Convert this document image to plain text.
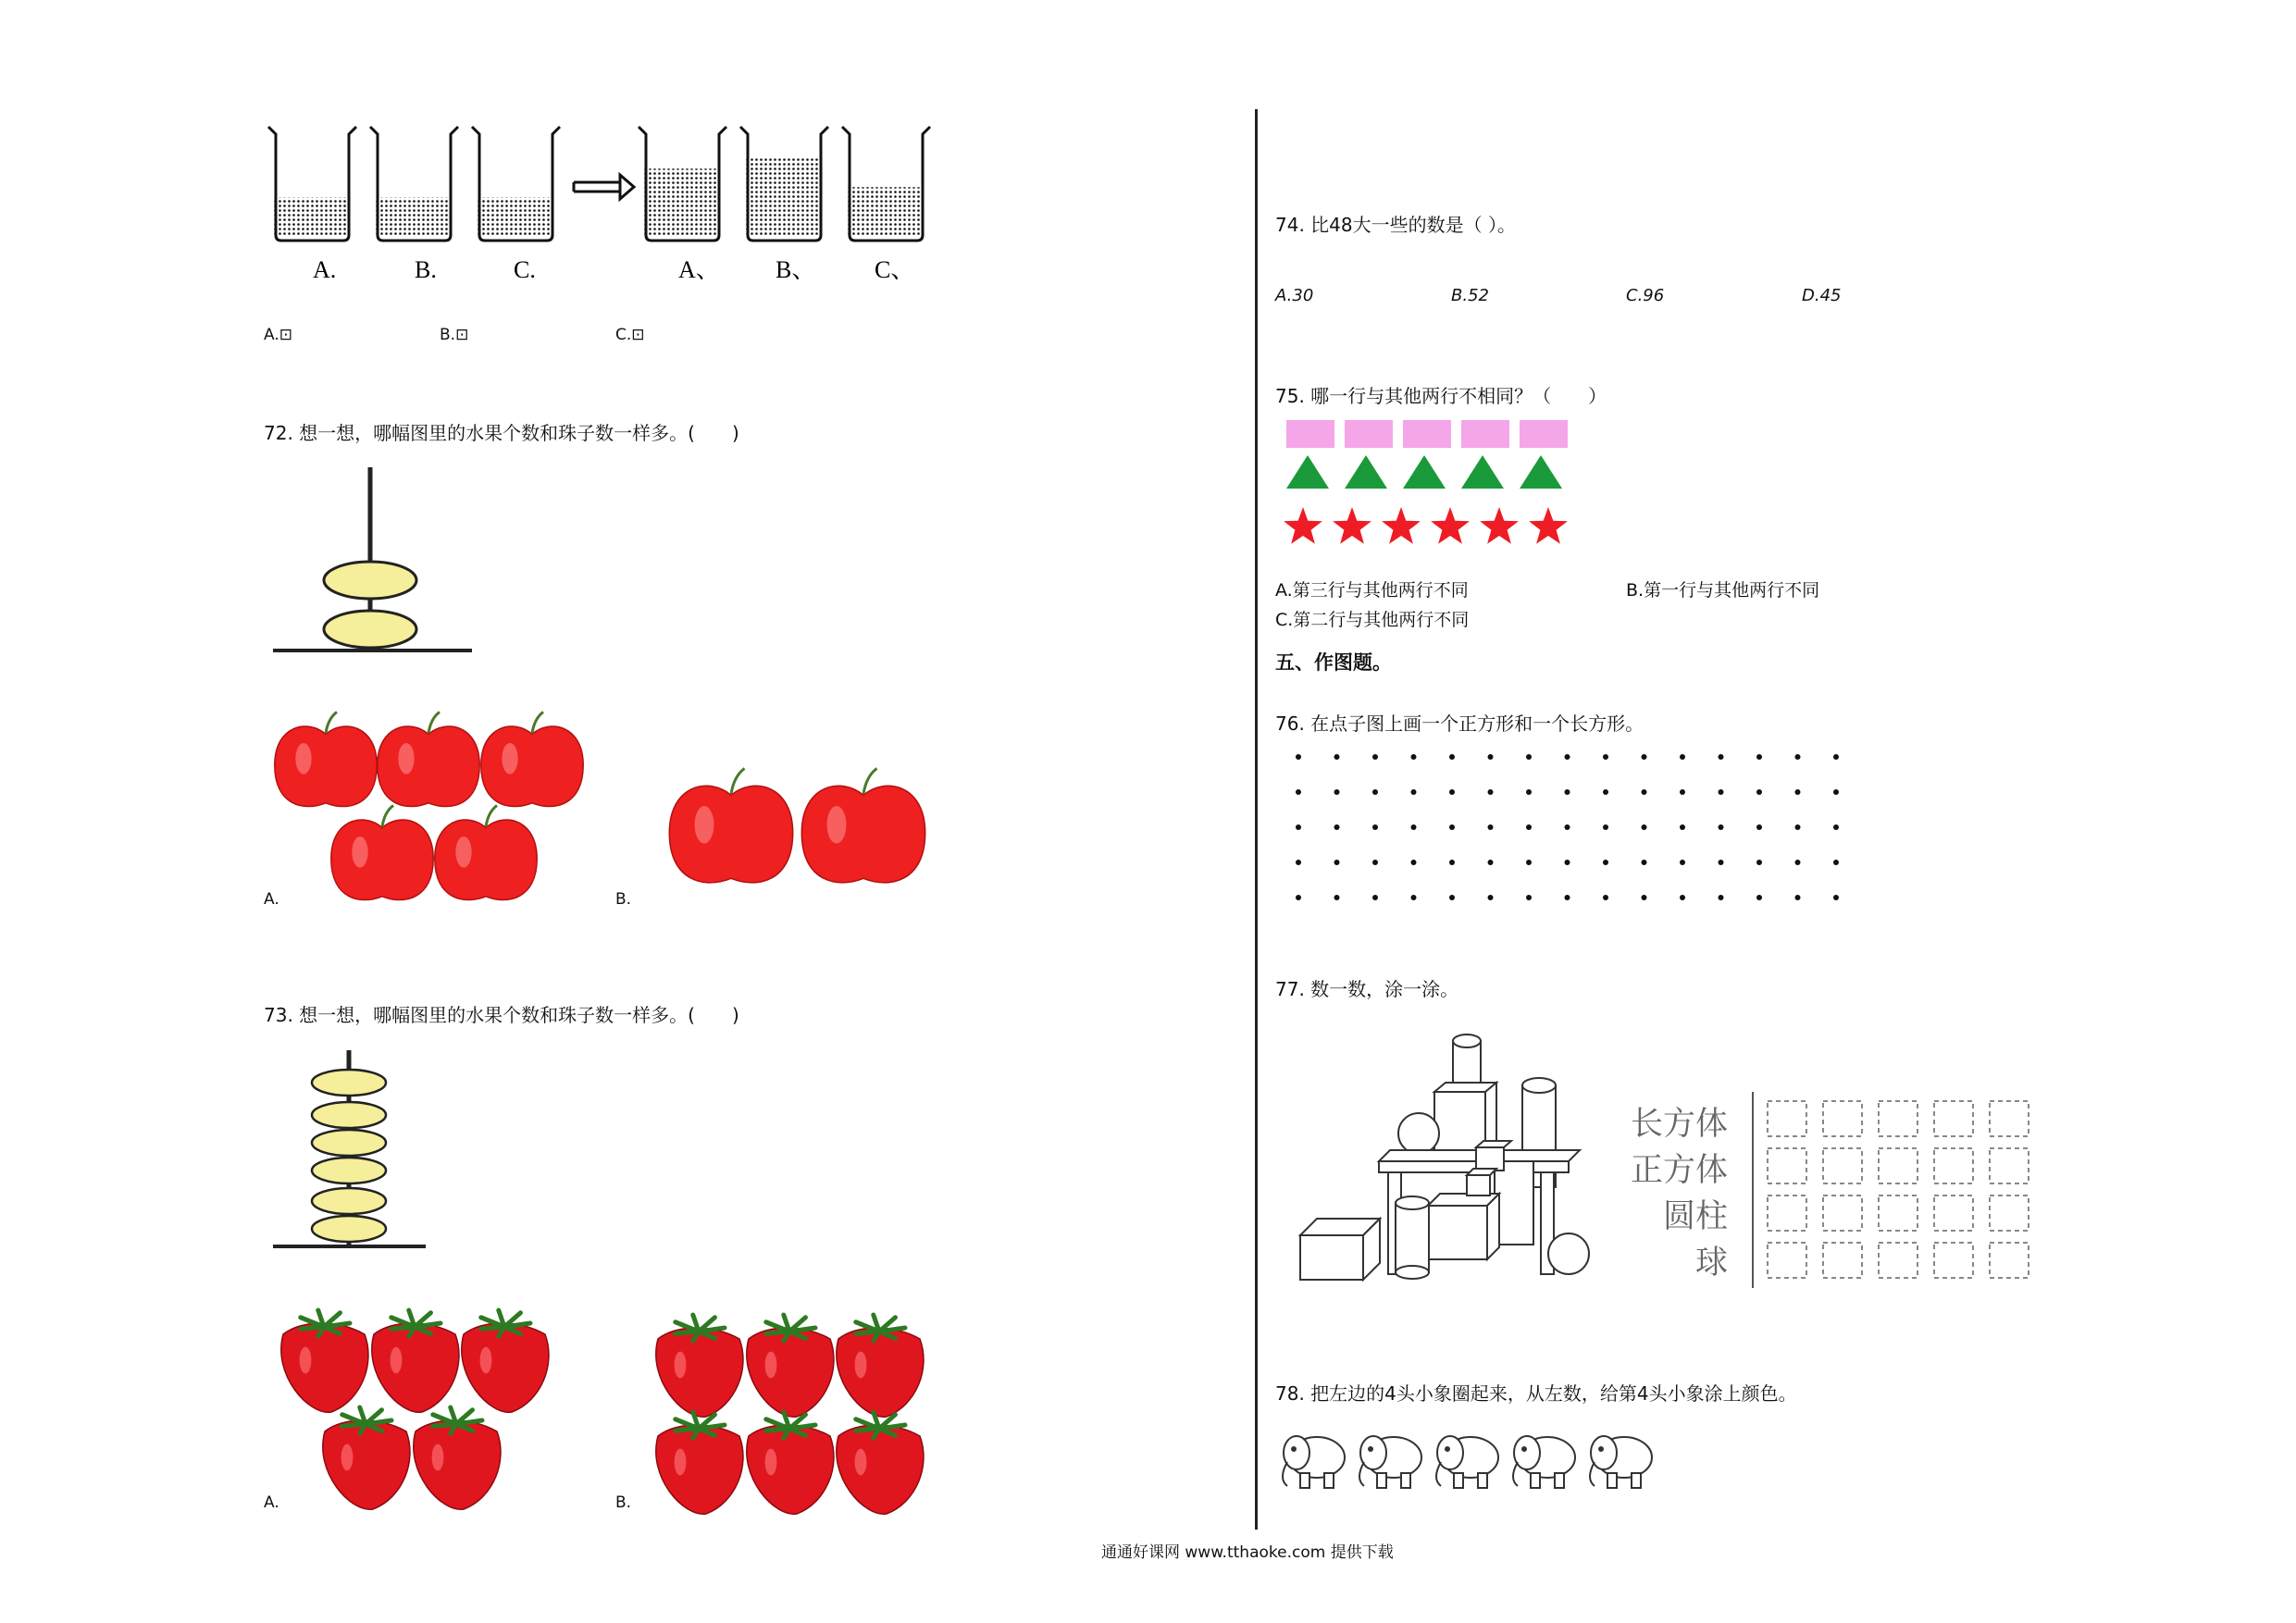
A.	B.	C.	A、 B、 C、
A.⊡	B.⊡	C.⊡
72. 想一想，哪幅图里的水果个数和珠子数一样多。(　　)
A.	B.
73. 想一想，哪幅图里的水果个数和珠子数一样多。(　　)
A.	B.
74. 比48大一些的数是（ ）。
A.30	B.52	C.96	D.45
75. 哪一行与其他两行不相同？（　　）
A.第三行与其他两行不同	B.第一行与其他两行不同
C.第二行与其他两行不同
五、作图题。
76. 在点子图上画一个正方形和一个长方形。
77. 数一数，涂一涂。
长方体
正方体
圆柱
球
78. 把左边的4头小象圈起来，从左数，给第4头小象涂上颜色。
通通好课网 www.tthaoke.com 提供下载
